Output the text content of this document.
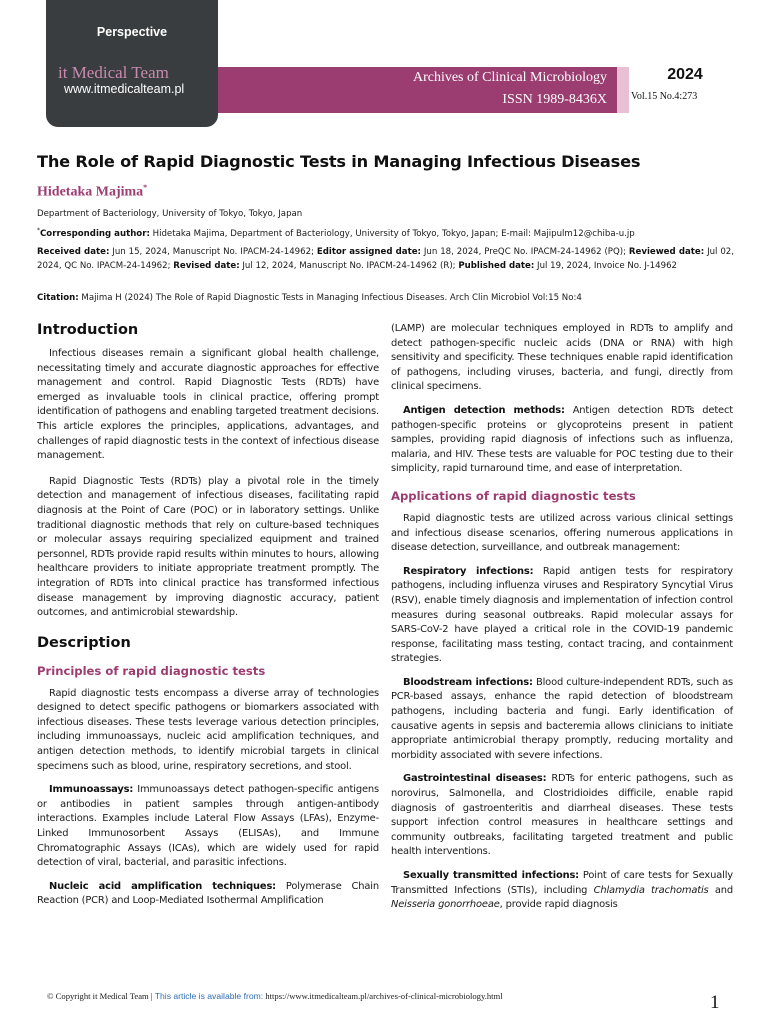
Perspective
it Medical Team
www.itmedicalteam.pl
Archives of Clinical Microbiology
ISSN 1989-8436X
2024
Vol.15 No.4:273
The Role of Rapid Diagnostic Tests in Managing Infectious Diseases
Hidetaka Majima*
Department of Bacteriology, University of Tokyo, Tokyo, Japan
*Corresponding author: Hidetaka Majima, Department of Bacteriology, University of Tokyo, Tokyo, Japan; E-mail: Majipulm12@chiba-u.jp
Received date: Jun 15, 2024, Manuscript No. IPACM-24-14962; Editor assigned date: Jun 18, 2024, PreQC No. IPACM-24-14962 (PQ); Reviewed date: Jul 02, 2024, QC No. IPACM-24-14962; Revised date: Jul 12, 2024, Manuscript No. IPACM-24-14962 (R); Published date: Jul 19, 2024, Invoice No. J-14962
Citation: Majima H (2024) The Role of Rapid Diagnostic Tests in Managing Infectious Diseases. Arch Clin Microbiol Vol:15 No:4
Introduction

Infectious diseases remain a significant global health challenge, necessitating timely and accurate diagnostic approaches for effective management and control. Rapid Diagnostic Tests (RDTs) have emerged as invaluable tools in clinical practice, offering prompt identification of pathogens and enabling targeted treatment decisions. This article explores the principles, applications, advantages, and challenges of rapid diagnostic tests in the context of infectious disease management.

Rapid Diagnostic Tests (RDTs) play a pivotal role in the timely detection and management of infectious diseases, facilitating rapid diagnosis at the Point of Care (POC) or in laboratory settings. Unlike traditional diagnostic methods that rely on culture-based techniques or molecular assays requiring specialized equipment and trained personnel, RDTs provide rapid results within minutes to hours, allowing healthcare providers to initiate appropriate treatment promptly. The integration of RDTs into clinical practice has transformed infectious disease management by improving diagnostic accuracy, patient outcomes, and antimicrobial stewardship.

Description
Principles of rapid diagnostic tests

Rapid diagnostic tests encompass a diverse array of technologies designed to detect specific pathogens or biomarkers associated with infectious diseases. These tests leverage various detection principles, including immunoassays, nucleic acid amplification techniques, and antigen detection methods, to identify microbial targets in clinical specimens such as blood, urine, respiratory secretions, and stool.

Immunoassays: Immunoassays detect pathogen-specific antigens or antibodies in patient samples through antigen-antibody interactions. Examples include Lateral Flow Assays (LFAs), Enzyme-Linked Immunosorbent Assays (ELISAs), and Immune Chromatographic Assays (ICAs), which are widely used for rapid detection of viral, bacterial, and parasitic infections.

Nucleic acid amplification techniques: Polymerase Chain Reaction (PCR) and Loop-Mediated Isothermal Amplification

(LAMP) are molecular techniques employed in RDTs to amplify and detect pathogen-specific nucleic acids (DNA or RNA) with high sensitivity and specificity. These techniques enable rapid identification of pathogens, including viruses, bacteria, and fungi, directly from clinical specimens.

Antigen detection methods: Antigen detection RDTs detect pathogen-specific proteins or glycoproteins present in patient samples, providing rapid diagnosis of infections such as influenza, malaria, and HIV. These tests are valuable for POC testing due to their simplicity, rapid turnaround time, and ease of interpretation.

Applications of rapid diagnostic tests

Rapid diagnostic tests are utilized across various clinical settings and infectious disease scenarios, offering numerous applications in disease detection, surveillance, and outbreak management:

Respiratory infections: Rapid antigen tests for respiratory pathogens, including influenza viruses and Respiratory Syncytial Virus (RSV), enable timely diagnosis and implementation of infection control measures during seasonal outbreaks. Rapid molecular assays for SARS-CoV-2 have played a critical role in the COVID-19 pandemic response, facilitating mass testing, contact tracing, and containment strategies.

Bloodstream infections: Blood culture-independent RDTs, such as PCR-based assays, enhance the rapid detection of bloodstream pathogens, including bacteria and fungi. Early identification of causative agents in sepsis and bacteremia allows clinicians to initiate appropriate antimicrobial therapy promptly, reducing mortality and morbidity associated with severe infections.

Gastrointestinal diseases: RDTs for enteric pathogens, such as norovirus, Salmonella, and Clostridioides difficile, enable rapid diagnosis of gastroenteritis and diarrheal diseases. These tests support infection control measures in healthcare settings and community outbreaks, facilitating targeted treatment and public health interventions.

Sexually transmitted infections: Point of care tests for Sexually Transmitted Infections (STIs), including Chlamydia trachomatis and Neisseria gonorrhoeae, provide rapid diagnosis

© Copyright it Medical Team | This article is available from: https://www.itmedicalteam.pl/archives-of-clinical-microbiology.html	1
